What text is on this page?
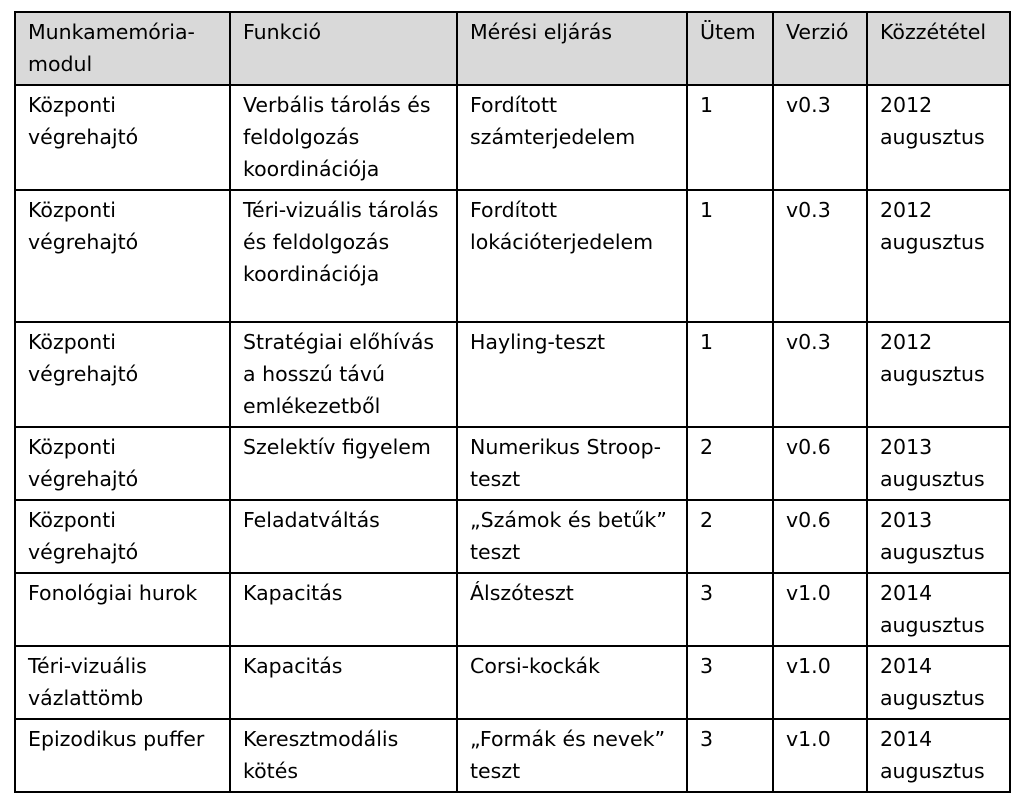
Munkamemória-modul	Funkció	Mérési eljárás	Ütem	Verzió	Közzététel
Központi végrehajtó	Verbális tárolás és feldolgozás koordinációja	Fordított számterjedelem	1	v0.3	2012 augusztus
Központi végrehajtó	Téri-vizuális tárolás és feldolgozás koordinációja	Fordított lokációterjedelem	1	v0.3	2012 augusztus
Központi végrehajtó	Stratégiai előhívás a hosszú távú emlékezetből	Hayling-teszt	1	v0.3	2012 augusztus
Központi végrehajtó	Szelektív figyelem	Numerikus Stroop-teszt	2	v0.6	2013 augusztus
Központi végrehajtó	Feladatváltás	„Számok és betűk” teszt	2	v0.6	2013 augusztus
Fonológiai hurok	Kapacitás	Álszóteszt	3	v1.0	2014 augusztus
Téri-vizuális vázlattömb	Kapacitás	Corsi-kockák	3	v1.0	2014 augusztus
Epizodikus puffer	Keresztmodális kötés	„Formák és nevek” teszt	3	v1.0	2014 augusztus
